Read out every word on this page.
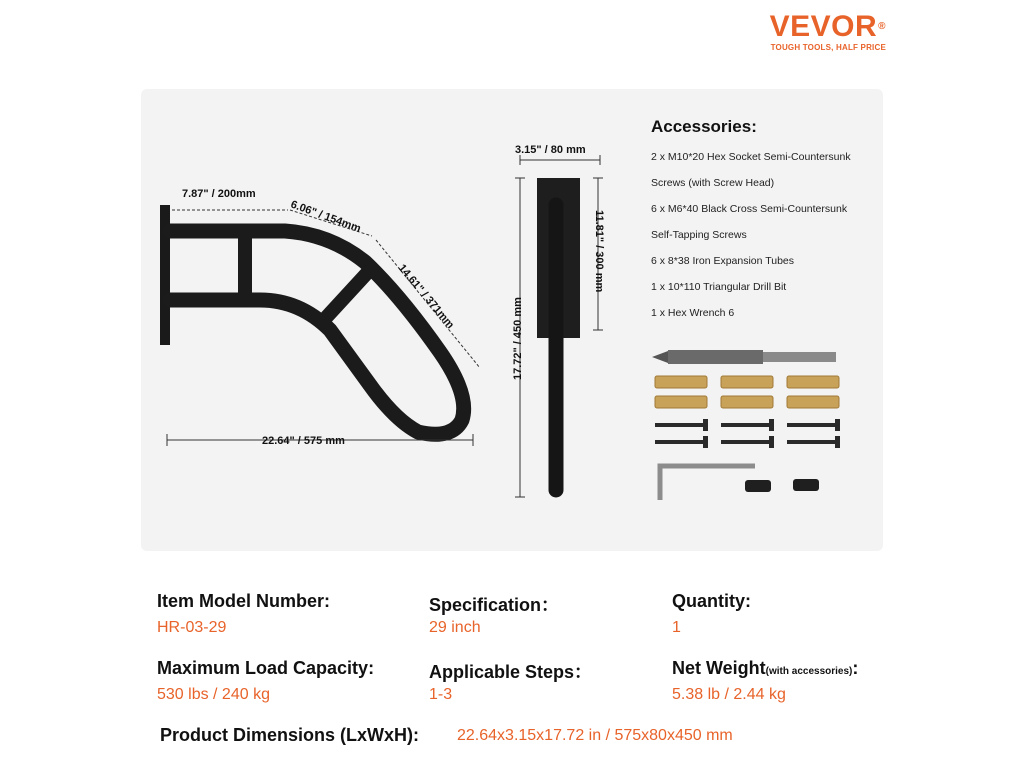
VEVOR®
TOUGH TOOLS, HALF PRICE
7.87" / 200mm
6.06" / 154mm
14.61" / 371mm
22.64" / 575 mm
3.15" / 80 mm
11.81" / 300 mm
17.72" / 450 mm
Accessories:
2 x M10*20 Hex Socket Semi-Countersunk
Screws (with Screw Head)
6 x M6*40 Black Cross Semi-Countersunk
Self-Tapping Screws
6 x 8*38 Iron Expansion Tubes
1 x 10*110 Triangular Drill Bit
1 x Hex Wrench 6
Item Model Number:
HR-03-29
Specification：
29 inch
Quantity:
1
Maximum Load Capacity:
530 lbs / 240 kg
Applicable Steps：
1-3
Net Weight(with accessories):
5.38 lb / 2.44 kg
Product Dimensions (LxWxH): 22.64x3.15x17.72 in / 575x80x450 mm
